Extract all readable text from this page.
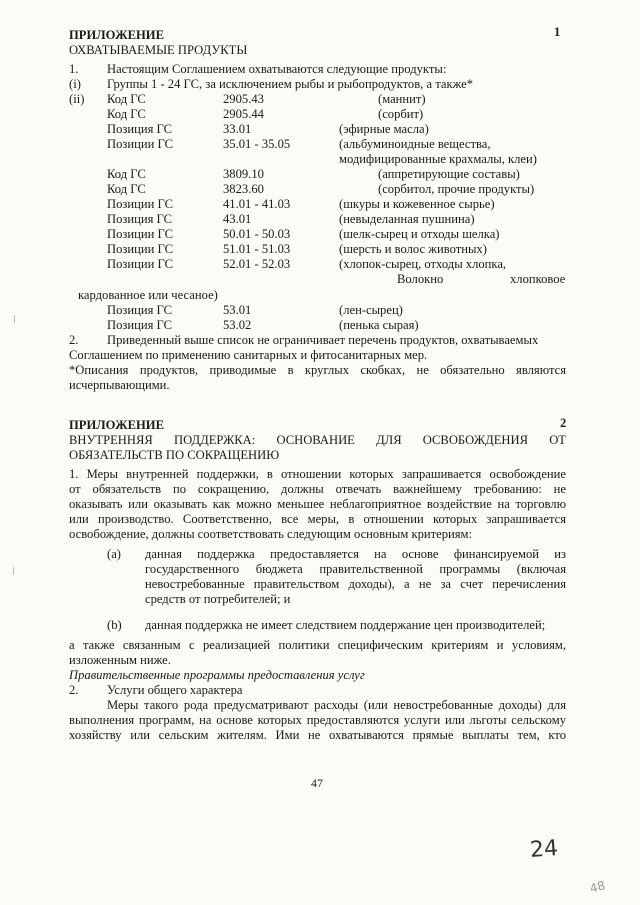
ПРИЛОЖЕНИЕ	1
ОХВАТЫВАЕМЫЕ ПРОДУКТЫ
1. Настоящим Соглашением охватываются следующие продукты:
(i) Группы 1 - 24 ГС, за исключением рыбы и рыбопродуктов, а также*
(ii) Код ГС	2905.43	(маннит)
Код ГС	2905.44	(сорбит)
Позиция ГС	33.01	(эфирные масла)
Позиции ГС	35.01 - 35.05	(альбуминоидные вещества,
модифицированные крахмалы, клеи)
Код ГС	3809.10	(аппретирующие составы)
Код ГС	3823.60	(сорбитол, прочие продукты)
Позиции ГС	41.01 - 41.03	(шкуры и кожевенное сырье)
Позиция ГС	43.01	(невыделанная пушнина)
Позиции ГС	50.01 - 50.03	(шелк-сырец и отходы шелка)
Позиции ГС	51.01 - 51.03	(шерсть и волос животных)
Позиции ГС	52.01 - 52.03	(хлопок-сырец, отходы хлопка,
Волокно	хлопковое
кардованное или чесаное)
Позиция ГС	53.01	(лен-сырец)
Позиция ГС	53.02	(пенька сырая)
2. Приведенный выше список не ограничивает перечень продуктов, охватываемых
Соглашением по применению санитарных и фитосанитарных мер.
*Описания продуктов, приводимые в круглых скобках, не обязательно являются
исчерпывающими.
ПРИЛОЖЕНИЕ	2
ВНУТРЕННЯЯ ПОДДЕРЖКА: ОСНОВАНИЕ ДЛЯ ОСВОБОЖДЕНИЯ ОТ
ОБЯЗАТЕЛЬСТВ ПО СОКРАЩЕНИЮ
1. Меры внутренней поддержки, в отношении которых запрашивается освобождение
от обязательств по сокращению, должны отвечать важнейшему требованию: не
оказывать или оказывать как можно меньшее неблагоприятное воздействие на торговлю
или производство. Соответственно, все меры, в отношении которых запрашивается
освобождение, должны соответствовать следующим основным критериям:
(a) данная поддержка предоставляется на основе финансируемой из
государственного бюджета правительственной программы (включая
невостребованные правительством доходы), а не за счет перечисления
средств от потребителей; и
(b) данная поддержка не имеет следствием поддержание цен производителей;
а также связанным с реализацией политики специфическим критериям и условиям,
изложенным ниже.
Правительственные программы предоставления услуг
2. Услуги общего характера
Меры такого рода предусматривают расходы (или невостребованные доходы) для
выполнения программ, на основе которых предоставляются услуги или льготы сельскому
хозяйству или сельским жителям. Ими не охватываются прямые выплаты тем, кто
47
24
48
